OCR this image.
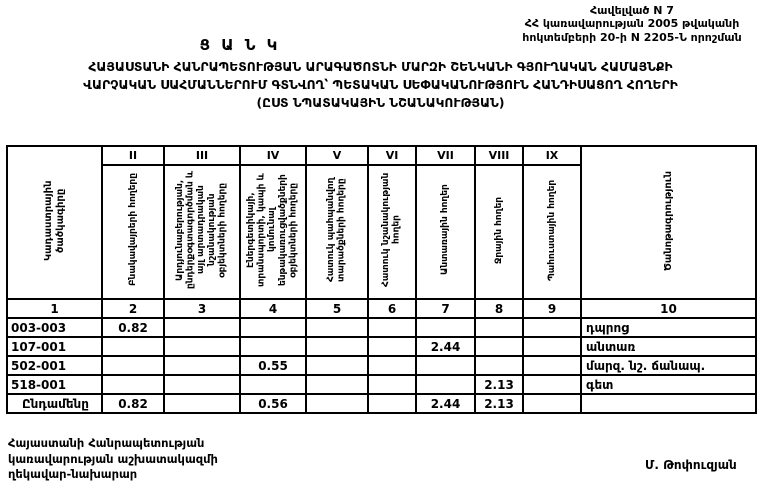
Հավելված N 7
ՀՀ կառավարության 2005 թվականի
հոկտեմբերի 20-ի N 2205-Ն որոշման
Ց Ա Ն Կ
ՀԱՅԱՍՏԱՆԻ ՀԱՆՐԱՊԵՏՈՒԹՅԱՆ ԱՐԱԳԱԾՈՏՆԻ ՄԱՐԶԻ ՇԵՆԿԱՆԻ ԳՅՈՒՂԱԿԱՆ ՀԱՄԱՅՆՔԻ
ՎԱՐՉԱԿԱՆ ՍԱՀՄԱՆՆԵՐՈՒՄ ԳՏՆՎՈՂ՝ ՊԵՏԱԿԱՆ ՍԵՓԱԿԱՆՈՒԹՅՈՒՆ ՀԱՆԴԻՍԱՑՈՂ ՀՈՂԵՐԻ
(ԸՍՏ ՆՊԱՏԱԿԱՅԻՆ ՆՇԱՆԱԿՈՒԹՅԱՆ)
Կադաստրային ծածկագիրը	II	III	IV	V	VI	VII	VIII	IX	Ծանոթագրություն
	Բնակավայրերի հողերը	Արդյունաբերության, ընդերքօգտագործման և այլ արտադրական նշանակության օբյեկտների հողերը	Էներգետիկայի, տրանսպորտի, կապի և կոմունալ ենթակառուցվածքների օբյեկտների հողերը	Հատուկ պահպանվող տարածքների հողերը	Հատուկ նշանակության հողեր	Անտառային հողեր	Ջրային հողեր	Պահուստային հողեր	
1	2	3	4	5	6	7	8	9	10
003-003	0.82								դպրոց
107-001						2.44			անտառ
502-001			0.55						մարզ. նշ. ճանապ.
518-001							2.13		գետ
Ընդամենը	0.82		0.56			2.44	2.13		
Հայաստանի Հանրապետության
կառավարության աշխատակազմի
ղեկավար-նախարար
Մ. Թոփուզյան
